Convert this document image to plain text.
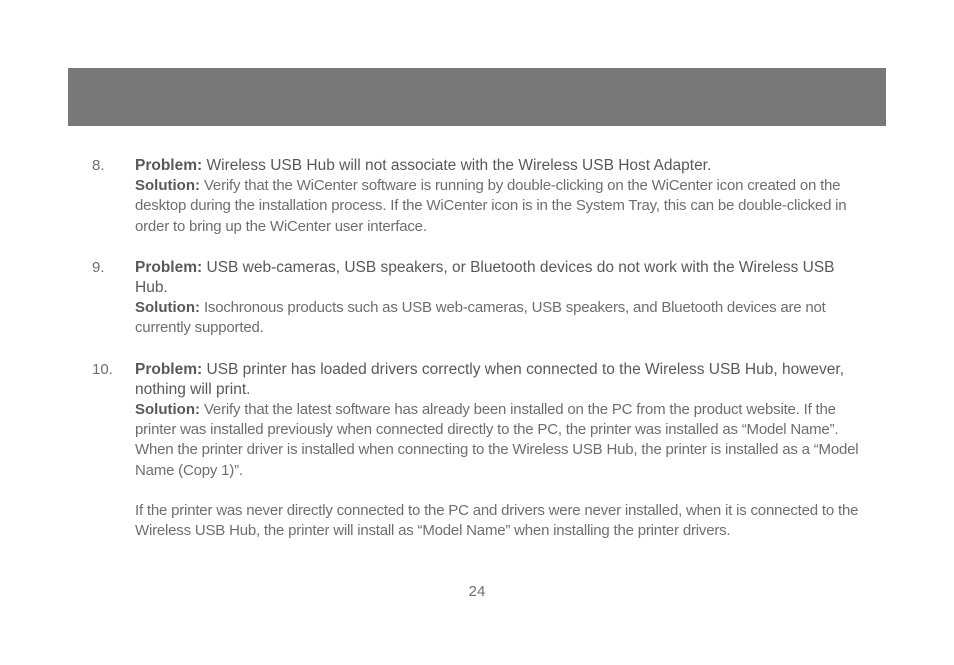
8. Problem: Wireless USB Hub will not associate with the Wireless USB Host Adapter.
Solution: Verify that the WiCenter software is running by double-clicking on the WiCenter icon created on the desktop during the installation process. If the WiCenter icon is in the System Tray, this can be double-clicked in order to bring up the WiCenter user interface.
9. Problem: USB web-cameras, USB speakers, or Bluetooth devices do not work with the Wireless USB Hub.
Solution: Isochronous products such as USB web-cameras, USB speakers, and Bluetooth devices are not currently supported.
10. Problem: USB printer has loaded drivers correctly when connected to the Wireless USB Hub, however, nothing will print.
Solution: Verify that the latest software has already been installed on the PC from the product website. If the printer was installed previously when connected directly to the PC, the printer was installed as “Model Name”. When the printer driver is installed when connecting to the Wireless USB Hub, the printer is installed as a “Model Name (Copy 1)”.
If the printer was never directly connected to the PC and drivers were never installed, when it is connected to the Wireless USB Hub, the printer will install as “Model Name” when installing the printer drivers.
24
